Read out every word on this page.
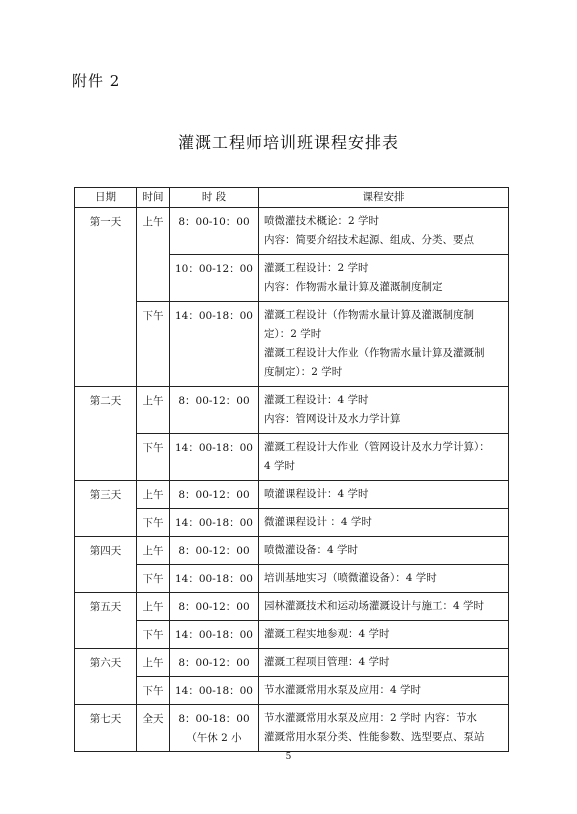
附件 2
灌溉工程师培训班课程安排表
日期	时间	时 段	课程安排
第一天	上午	8：00-10：00	喷微灌技术概论：2 学时
内容：简要介绍技术起源、组成、分类、要点

		10：00-12：00	灌溉工程设计：2 学时
内容：作物需水量计算及灌溉制度制定

	下午	14：00-18：00	灌溉工程设计（作物需水量计算及灌溉制度制
定）：2 学时
灌溉工程设计大作业（作物需水量计算及灌溉制
度制定）：2 学时

第二天	上午	8：00-12：00	灌溉工程设计：4 学时
内容：管网设计及水力学计算

	下午	14：00-18：00	灌溉工程设计大作业（管网设计及水力学计算）：
4 学时

第三天	上午	8：00-12：00	喷灌课程设计：4 学时

	下午	14：00-18：00	微灌课程设计 ：4 学时

第四天	上午	8：00-12：00	喷微灌设备：4 学时

	下午	14：00-18：00	培训基地实习（喷微灌设备）：4 学时

第五天	上午	8：00-12：00	园林灌溉技术和运动场灌溉设计与施工：4 学时

	下午	14：00-18：00	灌溉工程实地参观：4 学时

第六天	上午	8：00-12：00	灌溉工程项目管理：4 学时

	下午	14：00-18：00	节水灌溉常用水泵及应用：4 学时

第七天	全天	8：00-18：00（午休 2 小	节水灌溉常用水泵及应用：2 学时 内容：节水
灌溉常用水泵分类、性能参数、选型要点、泵站
5
